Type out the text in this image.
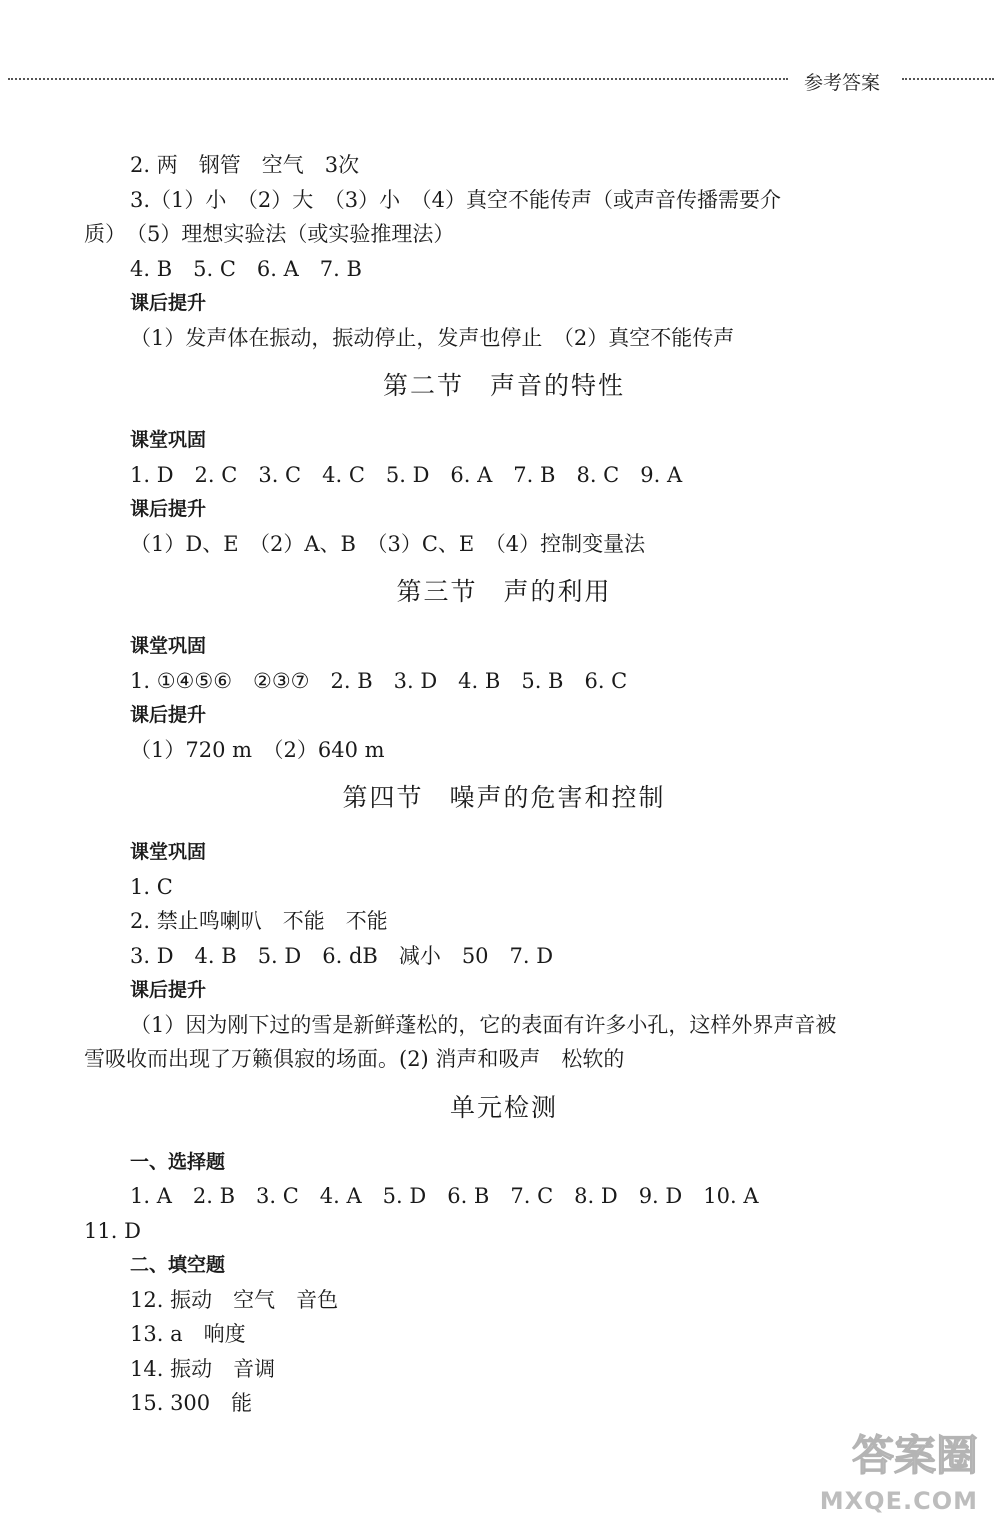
参考答案
2. 两　钢管　空气　3次
3.（1）小　（2）大　（3）小　（4）真空不能传声（或声音传播需要介
质）　（5）理想实验法（或实验推理法）
4. B　5. C　6. A　7. B
课后提升
（1）发声体在振动，振动停止，发声也停止　（2）真空不能传声
第二节 声音的特性
课堂巩固
1. D　2. C　3. C　4. C　5. D　6. A　7. B　8. C　9. A
课后提升
（1）D、E　（2）A、B　（3）C、E　（4）控制变量法
第三节 声的利用
课堂巩固
1. ①④⑤⑥　②③⑦　2. B　3. D　4. B　5. B　6. C
课后提升
（1）720 m　（2）640 m
第四节 噪声的危害和控制
课堂巩固
1. C
2. 禁止鸣喇叭　不能　不能
3. D　4. B　5. D　6. dB　减小　50　7. D
课后提升
（1）因为刚下过的雪是新鲜蓬松的，它的表面有许多小孔，这样外界声音被
雪吸收而出现了万籁俱寂的场面。(2) 消声和吸声　松软的
单元检测
一、选择题
1. A　2. B　3. C　4. A　5. D　6. B　7. C　8. D　9. D　10. A
11. D
二、填空题
12. 振动　空气　音色
13. a　响度
14. 振动　音调
15. 300　能
答案圈
MXQE.COM
